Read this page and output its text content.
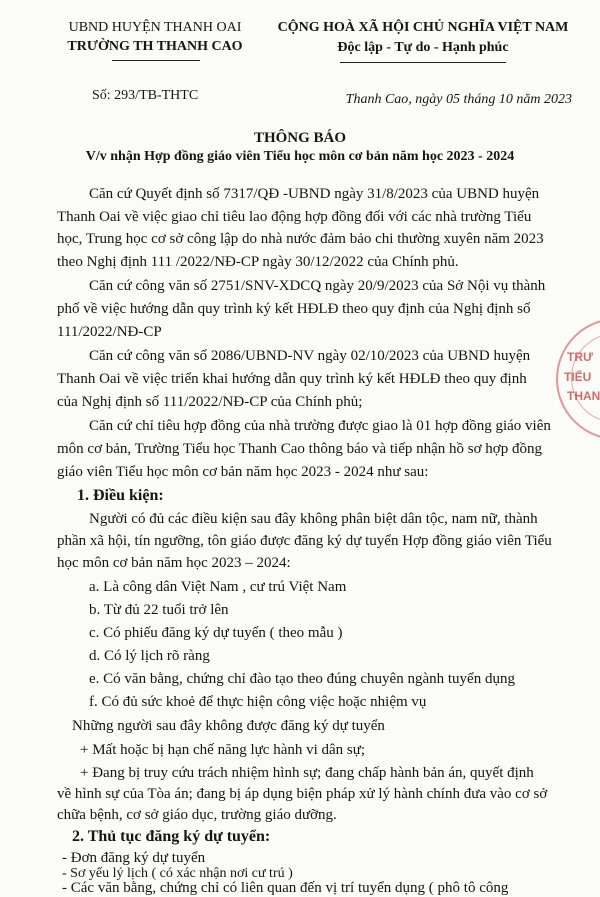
UBND HUYỆN THANH OAI
TRƯỜNG TH THANH CAO
CỘNG HOÀ XÃ HỘI CHỦ NGHĨA VIỆT NAM
Độc lập - Tự do - Hạnh phúc
Số: 293/TB-THTC	Thanh Cao, ngày 05 tháng 10 năm 2023
THÔNG BÁO
V/v nhận Hợp đồng giáo viên Tiểu học môn cơ bản năm học 2023 - 2024
TRƯ
TIỂU
THAN
Căn cứ Quyết định số 7317/QĐ -UBND ngày 31/8/2023 của UBND huyện
Thanh Oai về việc giao chỉ tiêu lao động hợp đồng đối với các nhà trường Tiểu
học, Trung học cơ sở công lập do nhà nước đảm bảo chi thường xuyên năm 2023
theo Nghị định 111 /2022/NĐ-CP ngày 30/12/2022 của Chính phủ.
Căn cứ công văn số 2751/SNV-XDCQ ngày 20/9/2023 của Sở Nội vụ thành
phố về việc hướng dẫn quy trình ký kết HĐLĐ theo quy định của Nghị định số
111/2022/NĐ-CP
Căn cứ công văn số 2086/UBND-NV ngày 02/10/2023 của UBND huyện
Thanh Oai về việc triển khai hướng dẫn quy trình ký kết HĐLĐ theo quy định
của Nghị định số 111/2022/NĐ-CP của Chính phủ;
Căn cứ chỉ tiêu hợp đồng của nhà trường được giao là 01 hợp đồng giáo viên
môn cơ bản, Trường Tiểu học Thanh Cao thông báo và tiếp nhận hồ sơ hợp đồng
giáo viên Tiểu học môn cơ bản năm học 2023 - 2024 như sau:
1. Điều kiện:
Người có đủ các điều kiện sau đây không phân biệt dân tộc, nam nữ, thành
phần xã hội, tín ngưỡng, tôn giáo được đăng ký dự tuyển Hợp đồng giáo viên Tiểu
học môn cơ bản năm học 2023 – 2024:
a. Là công dân Việt Nam , cư trú Việt Nam
b. Từ đủ 22 tuổi trở lên
c. Có phiếu đăng ký dự tuyển ( theo mẫu )
d. Có lý lịch rõ ràng
e. Có văn bằng, chứng chỉ đào tạo theo đúng chuyên ngành tuyển dụng
f. Có đủ sức khoẻ để thực hiện công việc hoặc nhiệm vụ
Những người sau đây không được đăng ký dự tuyển
+ Mất hoặc bị hạn chế năng lực hành vi dân sự;
+ Đang bị truy cứu trách nhiệm hình sự; đang chấp hành bản án, quyết định
về hình sự của Tòa án; đang bị áp dụng biện pháp xử lý hành chính đưa vào cơ sở
chữa bệnh, cơ sở giáo dục, trường giáo dưỡng.
2. Thủ tục đăng ký dự tuyển:
- Đơn đăng ký dự tuyển
- Sơ yếu lý lịch ( có xác nhận nơi cư trú )
- Các văn bằng, chứng chỉ có liên quan đến vị trí tuyển dụng ( phô tô công
